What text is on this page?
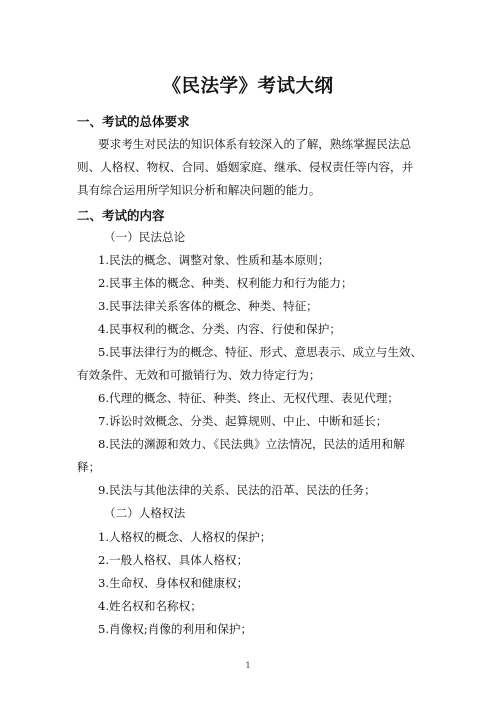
《民法学》考试大纲
一、考试的总体要求
要求考生对民法的知识体系有较深入的了解，熟练掌握民法总
则、人格权、物权、合同、婚姻家庭、继承、侵权责任等内容，并
具有综合运用所学知识分析和解决问题的能力。
二、考试的内容
（一）民法总论
1.民法的概念、调整对象、性质和基本原则；
2.民事主体的概念、种类、权利能力和行为能力；
3.民事法律关系客体的概念、种类、特征；
4.民事权利的概念、分类、内容、行使和保护；
5.民事法律行为的概念、特征、形式、意思表示、成立与生效、
有效条件、无效和可撤销行为、效力待定行为；
6.代理的概念、特征、种类、终止、无权代理、表见代理；
7.诉讼时效概念、分类、起算规则、中止、中断和延长；
8.民法的渊源和效力、《民法典》立法情况，民法的适用和解
释；
9.民法与其他法律的关系、民法的沿革、民法的任务；
（二）人格权法
1.人格权的概念、人格权的保护；
2.一般人格权、具体人格权；
3.生命权、身体权和健康权；
4.姓名权和名称权；
5.肖像权;肖像的利用和保护；
1
